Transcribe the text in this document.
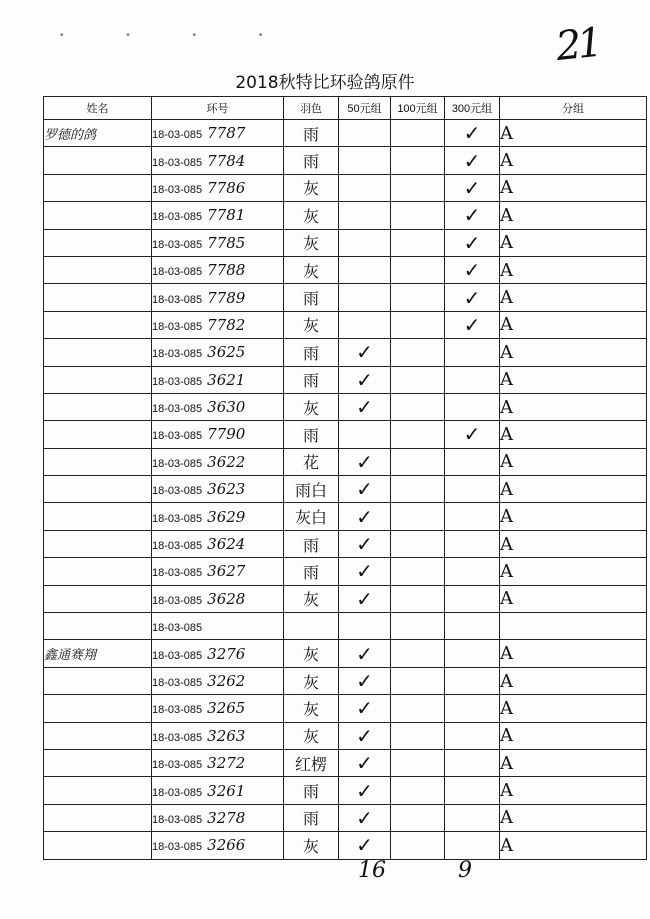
• • • •	21
2018秋特比环验鸽原件
姓名	环号	羽色	50元组	100元组	300元组	分组
罗德的鸽	18-03-085 7787	雨			✓	A
	18-03-085 7784	雨			✓	A
	18-03-085 7786	灰			✓	A
	18-03-085 7781	灰			✓	A
	18-03-085 7785	灰			✓	A
	18-03-085 7788	灰			✓	A
	18-03-085 7789	雨			✓	A
	18-03-085 7782	灰			✓	A
	18-03-085 3625	雨	✓			A
	18-03-085 3621	雨	✓			A
	18-03-085 3630	灰	✓			A
	18-03-085 7790	雨			✓	A
	18-03-085 3622	花	✓			A
	18-03-085 3623	雨白	✓			A
	18-03-085 3629	灰白	✓			A
	18-03-085 3624	雨	✓			A
	18-03-085 3627	雨	✓			A
	18-03-085 3628	灰	✓			A
	18-03-085					
鑫通赛翔	18-03-085 3276	灰	✓			A
	18-03-085 3262	灰	✓			A
	18-03-085 3265	灰	✓			A
	18-03-085 3263	灰	✓			A
	18-03-085 3272	红楞	✓			A
	18-03-085 3261	雨	✓			A
	18-03-085 3278	雨	✓			A
	18-03-085 3266	灰	✓			A
16	9
